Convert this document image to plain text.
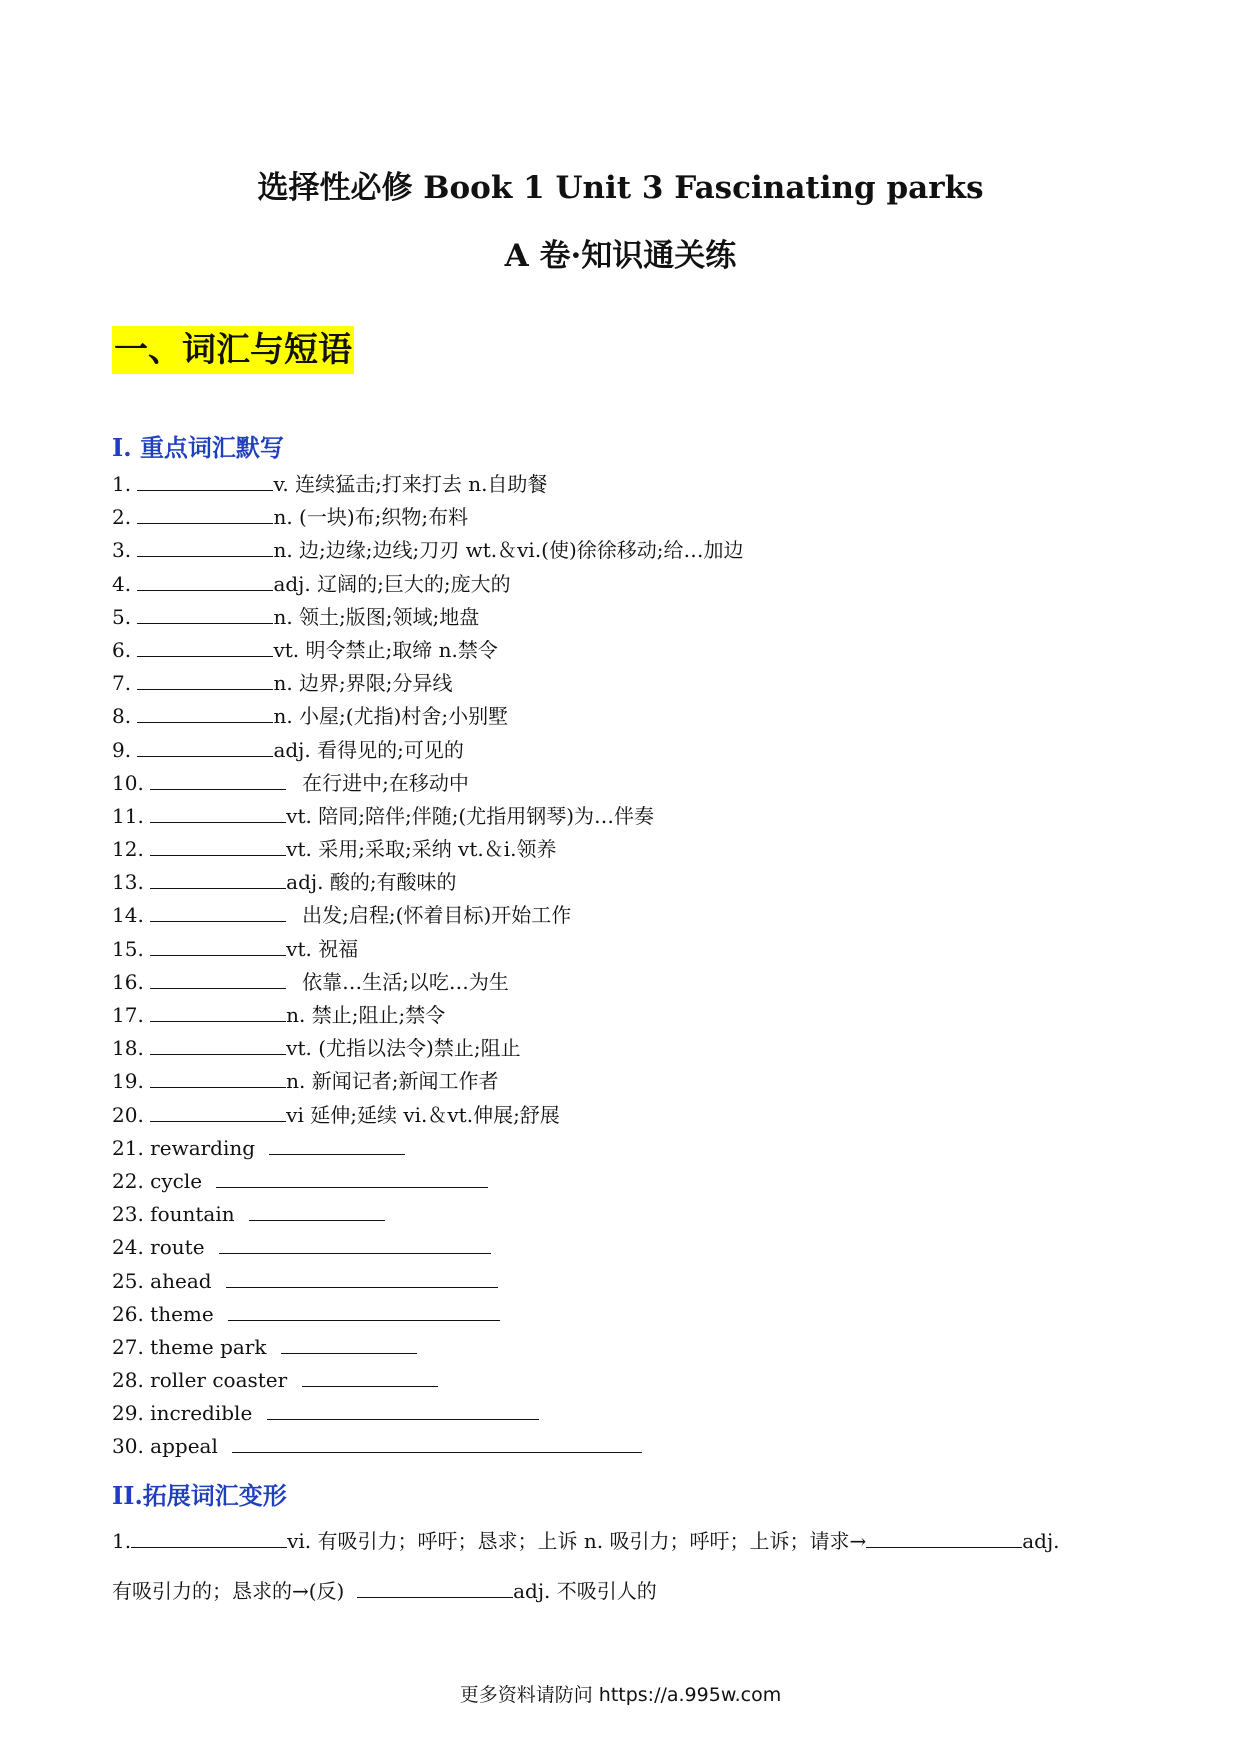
选择性必修 Book 1 Unit 3 Fascinating parks
A 卷·知识通关练
一、词汇与短语
I. 重点词汇默写
1.	v. 连续猛击;打来打去 n.自助餐
2.	n. (一块)布;织物;布料
3.	n. 边;边缘;边线;刀刃 wt.＆vi.(使)徐徐移动;给…加边
4.	adj. 辽阔的;巨大的;庞大的
5.	n. 领土;版图;领域;地盘
6.	vt. 明令禁止;取缔 n.禁令
7.	n. 边界;界限;分异线
8.	n. 小屋;(尤指)村舍;小别墅
9.	adj. 看得见的;可见的
10.	在行进中;在移动中
11.	vt. 陪同;陪伴;伴随;(尤指用钢琴)为…伴奏
12.	vt. 采用;采取;采纳 vt.＆i.领养
13.	adj. 酸的;有酸味的
14.	出发;启程;(怀着目标)开始工作
15.	vt. 祝福
16.	依靠…生活;以吃…为生
17.	n. 禁止;阻止;禁令
18.	vt. (尤指以法令)禁止;阻止
19.	n. 新闻记者;新闻工作者
20.	vi 延伸;延续 vi.＆vt.伸展;舒展
21. rewarding
22. cycle
23. fountain
24. route
25. ahead
26. theme
27. theme park
28. roller coaster
29. incredible
30. appeal
II.拓展词汇变形
1.	vi. 有吸引力；呼吁；恳求；上诉 n. 吸引力；呼吁；上诉；请求→	adj.
有吸引力的；恳求的→(反)	adj. 不吸引人的
更多资料请防问 https://a.995w.com
